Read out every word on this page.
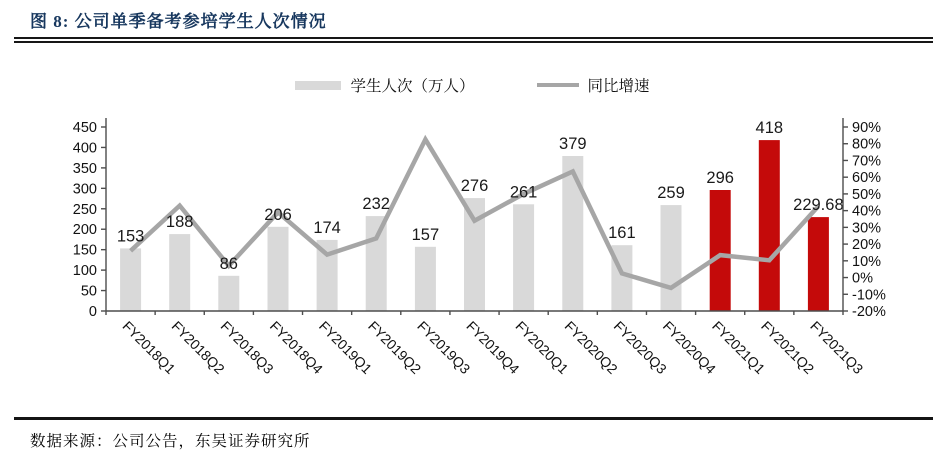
图 8: 公司单季备考参培学生人次情况
学生人次（万人）	同比增速
153
188
86
206
174
232
157
276 261
379
161
259
296
418
229.68
0
50
100
150
200
250
300
350
400
450
-20%
-10%
0%
10%
20%
30%
40%
50%
60%
70%
80%
90%
FY2018Q1
FY2018Q2
FY2018Q3
FY2018Q4
FY2019Q1
FY2019Q2
FY2019Q3
FY2019Q4
FY2020Q1
FY2020Q2
FY2020Q3
FY2020Q4
FY2021Q1
FY2021Q2
FY2021Q3
数据来源：公司公告，东吴证券研究所
